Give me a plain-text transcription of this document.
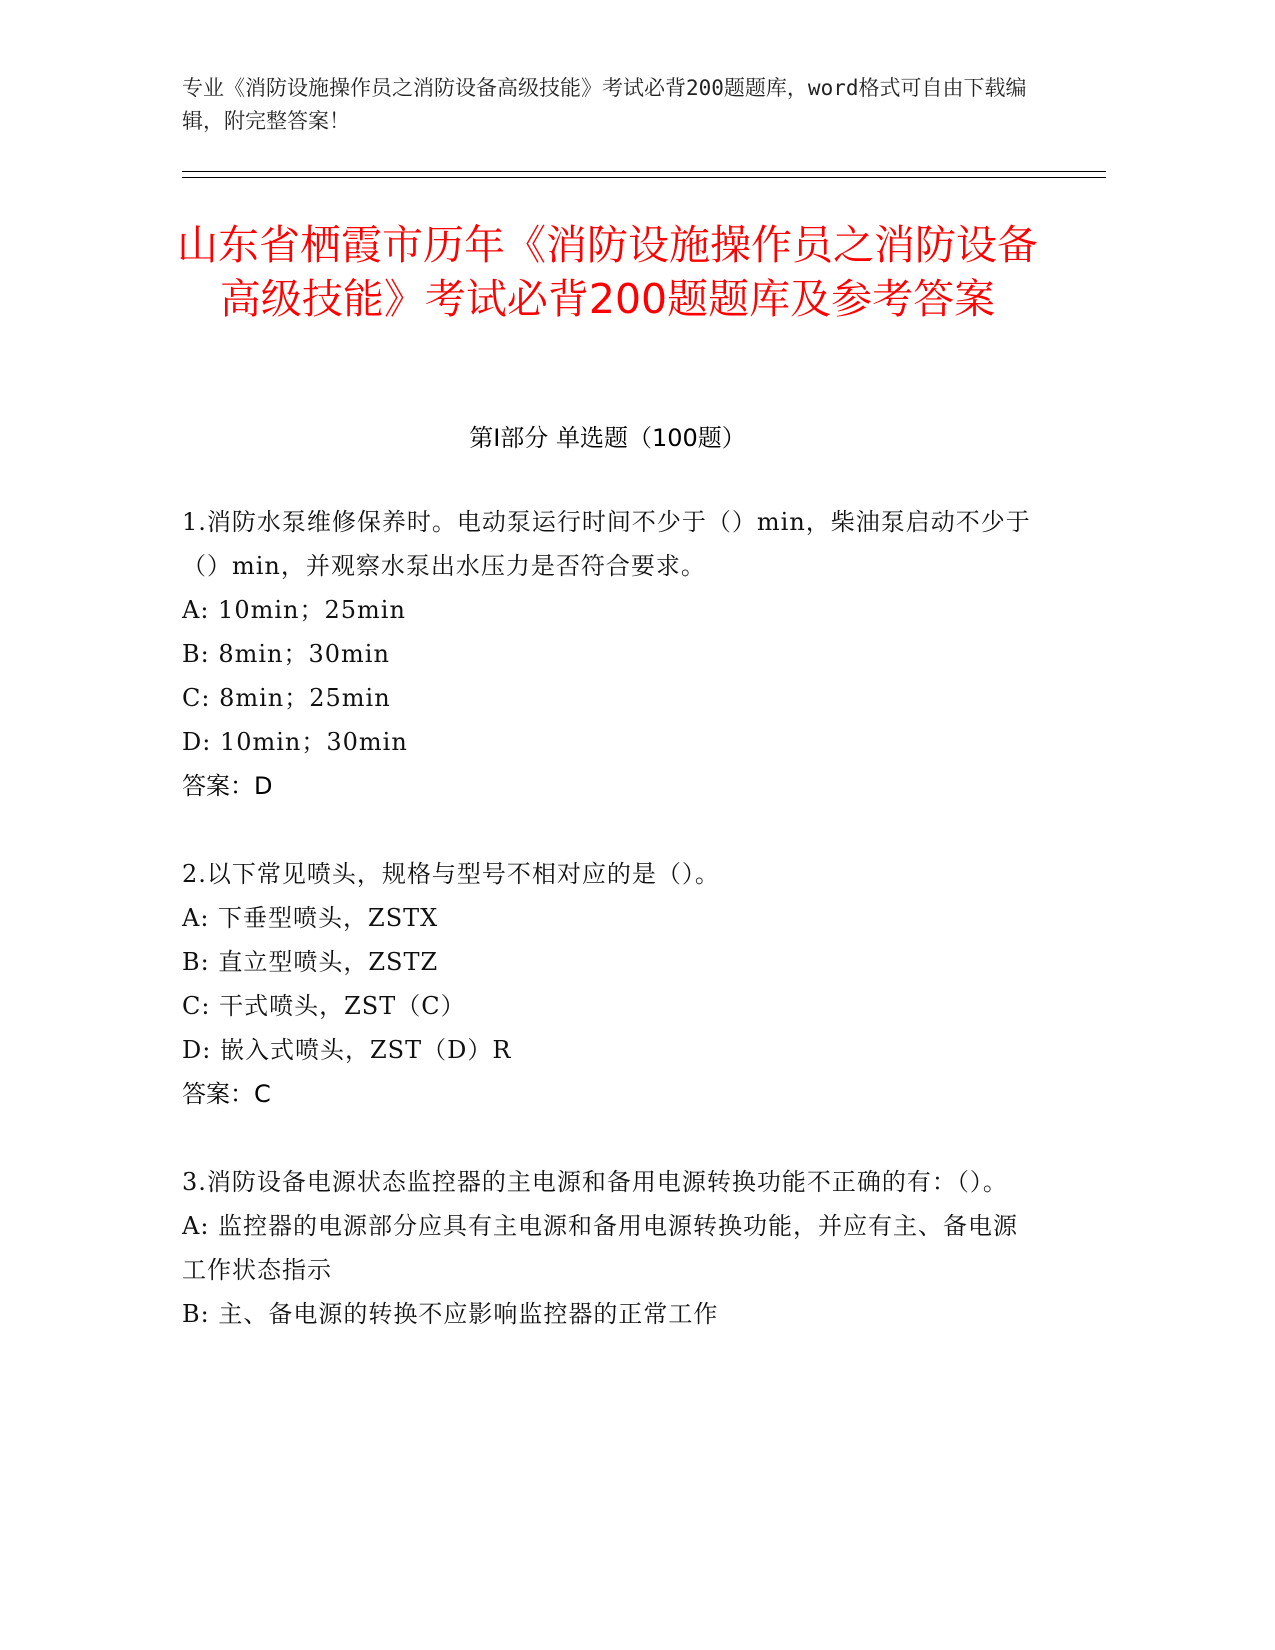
专业《消防设施操作员之消防设备高级技能》考试必背200题题库，word格式可自由下载编辑，附完整答案！
山东省栖霞市历年《消防设施操作员之消防设备高级技能》考试必背200题题库及参考答案
第Ⅰ部分 单选题（100题）
1.消防水泵维修保养时。电动泵运行时间不少于（）min，柴油泵启动不少于（）min，并观察水泵出水压力是否符合要求。
A: 10min；25min
B: 8min；30min
C: 8min；25min
D: 10min；30min
答案：D
2.以下常见喷头，规格与型号不相对应的是（）。
A: 下垂型喷头，ZSTX
B: 直立型喷头，ZSTZ
C: 干式喷头，ZST（C）
D: 嵌入式喷头，ZST（D）R
答案：C
3.消防设备电源状态监控器的主电源和备用电源转换功能不正确的有：（）。
A: 监控器的电源部分应具有主电源和备用电源转换功能，并应有主、备电源工作状态指示
B: 主、备电源的转换不应影响监控器的正常工作
